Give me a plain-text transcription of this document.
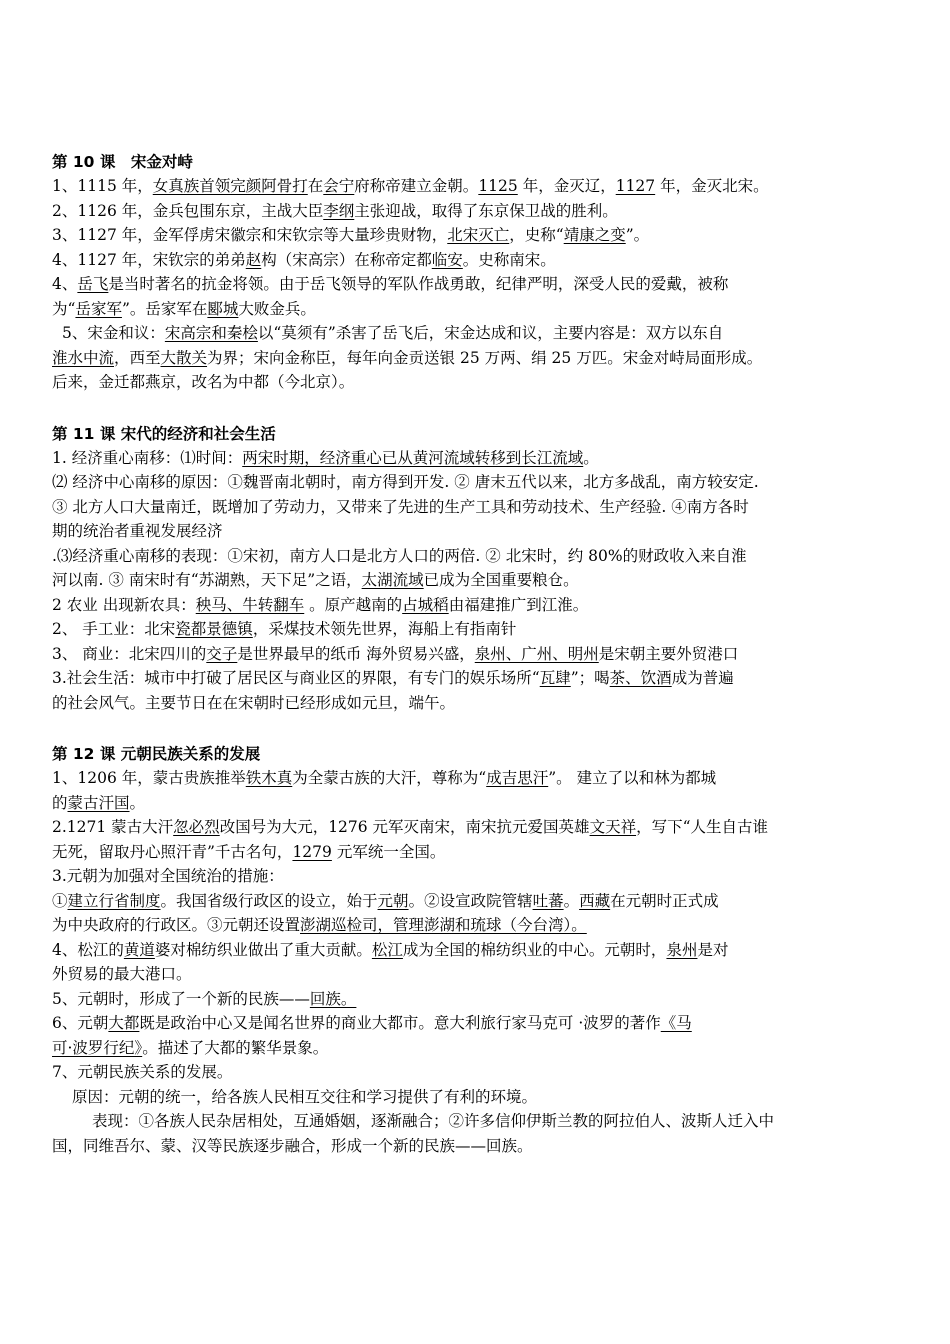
第 10 课　宋金对峙
1、1115 年，女真族首领完颜阿骨打在会宁府称帝建立金朝。1125 年，金灭辽，1127 年，金灭北宋。
2、1126 年，金兵包围东京，主战大臣李纲主张迎战，取得了东京保卫战的胜利。
3、1127 年，金军俘虏宋徽宗和宋钦宗等大量珍贵财物，北宋灭亡，史称“靖康之变”。
4、1127 年，宋钦宗的弟弟赵构（宋高宗）在称帝定都临安。史称南宋。
4、岳飞是当时著名的抗金将领。由于岳飞领导的军队作战勇敢，纪律严明，深受人民的爱戴，被称
为“岳家军”。岳家军在郾城大败金兵。
5、宋金和议：宋高宗和秦桧以“莫须有”杀害了岳飞后，宋金达成和议，主要内容是：双方以东自
淮水中流，西至大散关为界；宋向金称臣，每年向金贡送银 25 万两、绢 25 万匹。宋金对峙局面形成。
后来，金迁都燕京，改名为中都（今北京）。
第 11 课 宋代的经济和社会生活
1. 经济重心南移：⑴时间：两宋时期，经济重心已从黄河流域转移到长江流域。
⑵ 经济中心南移的原因：①魏晋南北朝时，南方得到开发. ② 唐末五代以来，北方多战乱，南方较安定.
③ 北方人口大量南迁，既增加了劳动力，又带来了先进的生产工具和劳动技术、生产经验. ④南方各时
期的统治者重视发展经济
.⑶经济重心南移的表现：①宋初，南方人口是北方人口的两倍. ② 北宋时，约 80%的财政收入来自淮
河以南. ③ 南宋时有“苏湖熟，天下足”之语，太湖流域已成为全国重要粮仓。
2 农业 出现新农具：秧马、牛转翻车 。原产越南的占城稻由福建推广到江淮。
2、 手工业：北宋瓷都景德镇，采煤技术领先世界，海船上有指南针
3、 商业：北宋四川的交子是世界最早的纸币 海外贸易兴盛，泉州、广州、明州是宋朝主要外贸港口
3.社会生活：城市中打破了居民区与商业区的界限，有专门的娱乐场所“瓦肆”；喝茶、饮酒成为普遍
的社会风气。主要节日在在宋朝时已经形成如元旦，端午。
第 12 课 元朝民族关系的发展
1、1206 年，蒙古贵族推举铁木真为全蒙古族的大汗，尊称为“成吉思汗”。 建立了以和林为都城
的蒙古汗国。
2.1271 蒙古大汗忽必烈改国号为大元，1276 元军灭南宋，南宋抗元爱国英雄文天祥，写下“人生自古谁
无死，留取丹心照汗青”千古名句，1279 元军统一全国。
3.元朝为加强对全国统治的措施：
①建立行省制度。我国省级行政区的设立，始于元朝。②设宣政院管辖吐蕃。西藏在元朝时正式成
为中央政府的行政区。③元朝还设置澎湖巡检司，管理澎湖和琉球（今台湾）。
4、松江的黄道婆对棉纺织业做出了重大贡献。松江成为全国的棉纺织业的中心。元朝时，泉州是对
外贸易的最大港口。
5、元朝时，形成了一个新的民族——回族。
6、元朝大都既是政治中心又是闻名世界的商业大都市。意大利旅行家马克可 ·波罗的著作《马
可·波罗行纪》。描述了大都的繁华景象。
7、元朝民族关系的发展。
原因：元朝的统一，给各族人民相互交往和学习提供了有利的环境。
表现：①各族人民杂居相处，互通婚姻，逐渐融合；②许多信仰伊斯兰教的阿拉伯人、波斯人迁入中
国，同维吾尔、蒙、汉等民族逐步融合，形成一个新的民族——回族。
